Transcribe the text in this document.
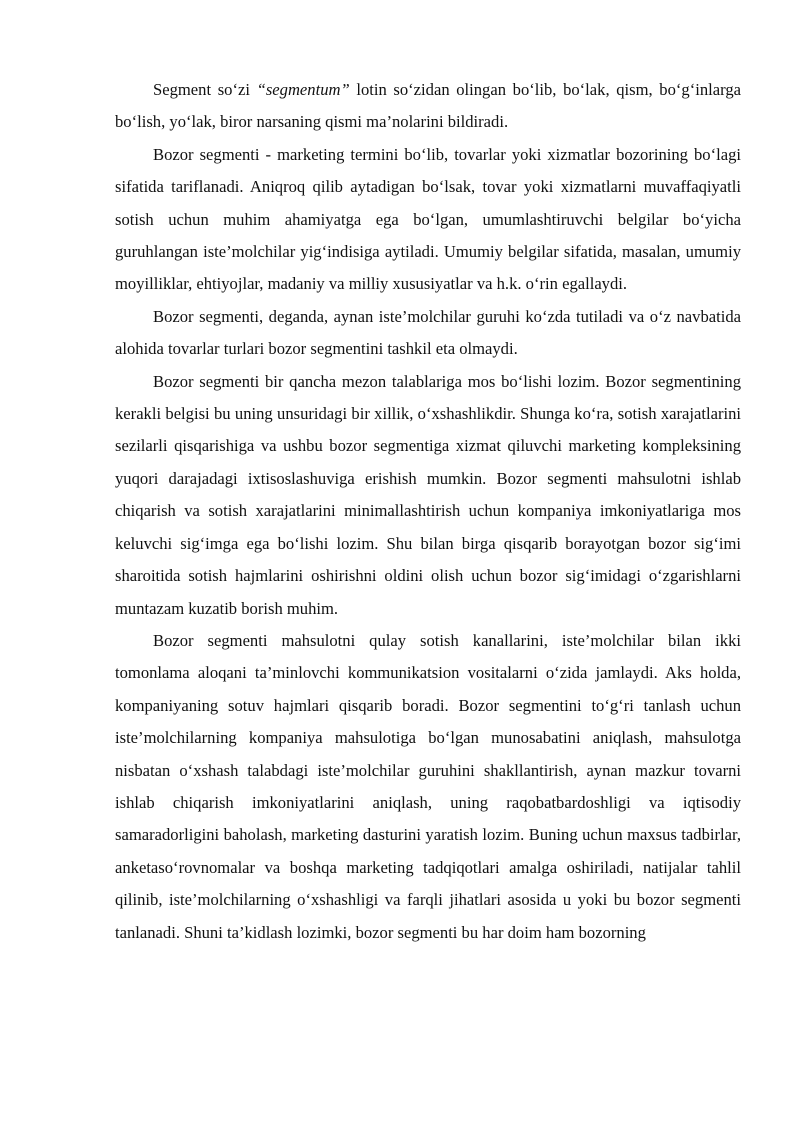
Segment so‘zi “segmentum” lotin so‘zidan olingan bo‘lib, bo‘lak, qism, bo‘g‘inlarga bo‘lish, yo‘lak, biror narsaning qismi ma’nolarini bildiradi.

Bozor segmenti - marketing termini bo‘lib, tovarlar yoki xizmatlar bozorining bo‘lagi sifatida tariflanadi. Aniqroq qilib aytadigan bo‘lsak, tovar yoki xizmatlarni muvaffaqiyatli sotish uchun muhim ahamiyatga ega bo‘lgan, umumlashtiruvchi belgilar bo‘yicha guruhlangan iste’molchilar yig‘indisiga aytiladi. Umumiy belgilar sifatida, masalan, umumiy moyilliklar, ehtiyojlar, madaniy va milliy xususiyatlar va h.k. o‘rin egallaydi.

Bozor segmenti, deganda, aynan iste’molchilar guruhi ko‘zda tutiladi va o‘z navbatida alohida tovarlar turlari bozor segmentini tashkil eta olmaydi.

Bozor segmenti bir qancha mezon talablariga mos bo‘lishi lozim. Bozor segmentining kerakli belgisi bu uning unsuridagi bir xillik, o‘xshashlikdir. Shunga ko‘ra, sotish xarajatlarini sezilarli qisqarishiga va ushbu bozor segmentiga xizmat qiluvchi marketing kompleksining yuqori darajadagi ixtisoslashuviga erishish mumkin. Bozor segmenti mahsulotni ishlab chiqarish va sotish xarajatlarini minimallashtirish uchun kompaniya imkoniyatlariga mos keluvchi sig‘imga ega bo‘lishi lozim. Shu bilan birga qisqarib borayotgan bozor sig‘imi sharoitida sotish hajmlarini oshirishni oldini olish uchun bozor sig‘imidagi o‘zgarishlarni muntazam kuzatib borish muhim.

Bozor segmenti mahsulotni qulay sotish kanallarini, iste’molchilar bilan ikki tomonlama aloqani ta’minlovchi kommunikatsion vositalarni o‘zida jamlaydi. Aks holda, kompaniyaning sotuv hajmlari qisqarib boradi. Bozor segmentini to‘g‘ri tanlash uchun iste’molchilarning kompaniya mahsulotiga bo‘lgan munosabatini aniqlash, mahsulotga nisbatan o‘xshash talabdagi iste’molchilar guruhini shakllantirish, aynan mazkur tovarni ishlab chiqarish imkoniyatlarini aniqlash, uning raqobatbardoshligi va iqtisodiy samaradorligini baholash, marketing dasturini yaratish lozim. Buning uchun maxsus tadbirlar, anketaso‘rovnomalar va boshqa marketing tadqiqotlari amalga oshiriladi, natijalar tahlil qilinib, iste’molchilarning o‘xshashligi va farqli jihatlari asosida u yoki bu bozor segmenti tanlanadi. Shuni ta’kidlash lozimki, bozor segmenti bu har doim ham bozorning
